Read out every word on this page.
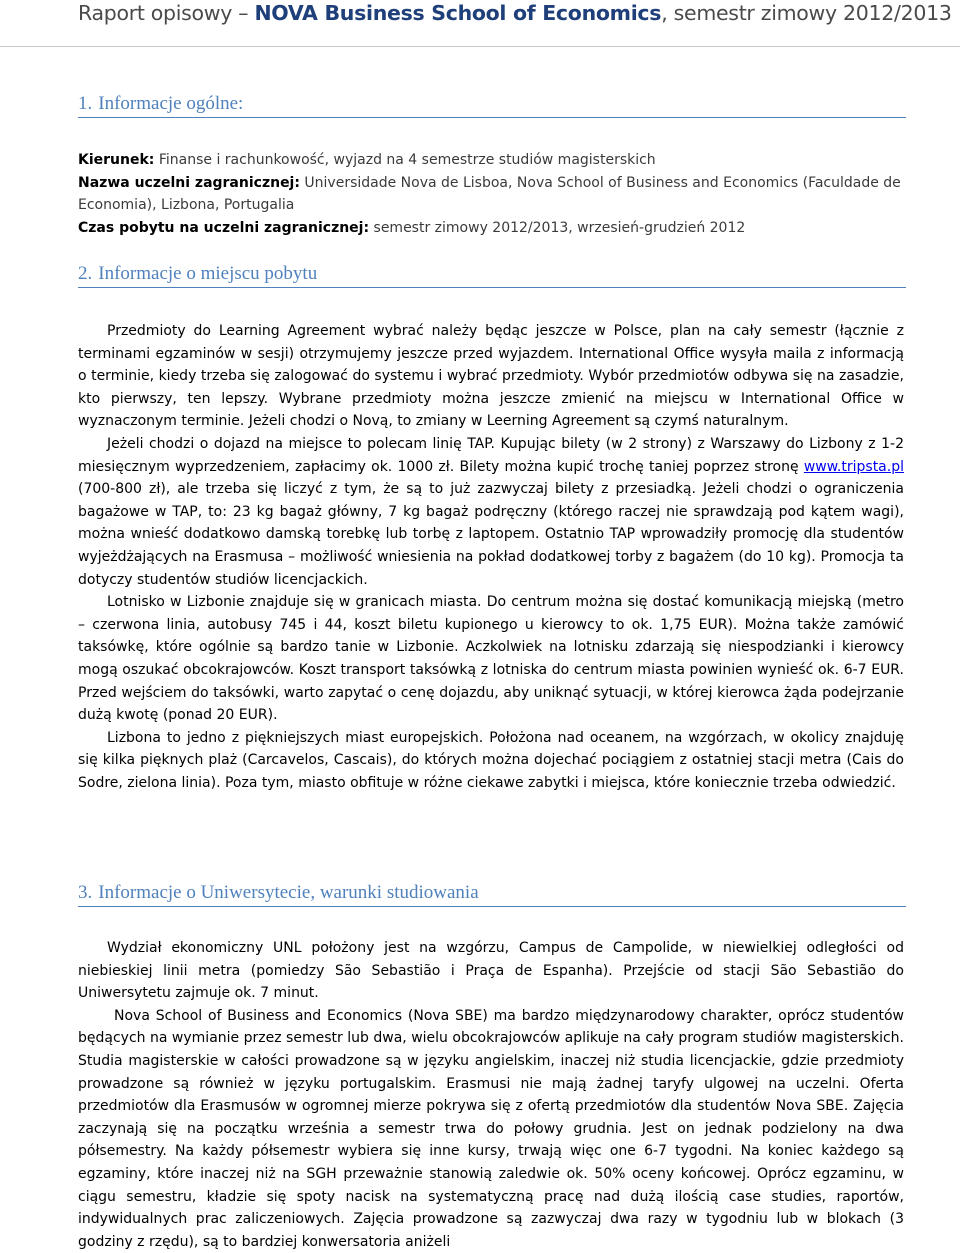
Raport opisowy – NOVA Business School of Economics, semestr zimowy 2012/2013
1. Informacje ogólne:
Kierunek: Finanse i rachunkowość, wyjazd na 4 semestrze studiów magisterskich
Nazwa uczelni zagranicznej: Universidade Nova de Lisboa, Nova School of Business and Economics (Faculdade de Economia), Lizbona, Portugalia
Czas pobytu na uczelni zagranicznej: semestr zimowy 2012/2013, wrzesień-grudzień 2012
2. Informacje o miejscu pobytu

Przedmioty do Learning Agreement wybrać należy będąc jeszcze w Polsce, plan na cały semestr (łącznie z terminami egzaminów w sesji) otrzymujemy jeszcze przed wyjazdem. International Office wysyła maila z informacją o terminie, kiedy trzeba się zalogować do systemu i wybrać przedmioty. Wybór przedmiotów odbywa się na zasadzie, kto pierwszy, ten lepszy. Wybrane przedmioty można jeszcze zmienić na miejscu w International Office w wyznaczonym terminie. Jeżeli chodzi o Novą, to zmiany w Leerning Agreement są czymś naturalnym.

Jeżeli chodzi o dojazd na miejsce to polecam linię TAP. Kupując bilety (w 2 strony) z Warszawy do Lizbony z 1-2 miesięcznym wyprzedzeniem, zapłacimy ok. 1000 zł. Bilety można kupić trochę taniej poprzez stronę www.tripsta.pl (700-800 zł), ale trzeba się liczyć z tym, że są to już zazwyczaj bilety z przesiadką. Jeżeli chodzi o ograniczenia bagażowe w TAP, to: 23 kg bagaż główny, 7 kg bagaż podręczny (którego raczej nie sprawdzają pod kątem wagi), można wnieść dodatkowo damską torebkę lub torbę z laptopem. Ostatnio TAP wprowadziły promocję dla studentów wyjeżdżających na Erasmusa – możliwość wniesienia na pokład dodatkowej torby z bagażem (do 10 kg). Promocja ta dotyczy studentów studiów licencjackich.

Lotnisko w Lizbonie znajduje się w granicach miasta. Do centrum można się dostać komunikacją miejską (metro – czerwona linia, autobusy 745 i 44, koszt biletu kupionego u kierowcy to ok. 1,75 EUR). Można także zamówić taksówkę, które ogólnie są bardzo tanie w Lizbonie. Aczkolwiek na lotnisku zdarzają się niespodzianki i kierowcy mogą oszukać obcokrajowców. Koszt transport taksówką z lotniska do centrum miasta powinien wynieść ok. 6-7 EUR. Przed wejściem do taksówki, warto zapytać o cenę dojazdu, aby uniknąć sytuacji, w której kierowca żąda podejrzanie dużą kwotę (ponad 20 EUR).

Lizbona to jedno z piękniejszych miast europejskich. Położona nad oceanem, na wzgórzach, w okolicy znajduję się kilka pięknych plaż (Carcavelos, Cascais), do których można dojechać pociągiem z ostatniej stacji metra (Cais do Sodre, zielona linia). Poza tym, miasto obfituje w różne ciekawe zabytki i miejsca, które koniecznie trzeba odwiedzić.

3. Informacje o Uniwersytecie, warunki studiowania

Wydział ekonomiczny UNL położony jest na wzgórzu, Campus de Campolide, w niewielkiej odległości od niebieskiej linii metra (pomiedzy São Sebastião i Praça de Espanha). Przejście od stacji São Sebastião do Uniwersytetu zajmuje ok. 7 minut.

Nova School of Business and Economics (Nova SBE) ma bardzo międzynarodowy charakter, oprócz studentów będących na wymianie przez semestr lub dwa, wielu obcokrajowców aplikuje na cały program studiów magisterskich. Studia magisterskie w całości prowadzone są w języku angielskim, inaczej niż studia licencjackie, gdzie przedmioty prowadzone są również w języku portugalskim. Erasmusi nie mają żadnej taryfy ulgowej na uczelni. Oferta przedmiotów dla Erasmusów w ogromnej mierze pokrywa się z ofertą przedmiotów dla studentów Nova SBE. Zajęcia zaczynają się na początku września a semestr trwa do połowy grudnia. Jest on jednak podzielony na dwa półsemestry. Na każdy półsemestr wybiera się inne kursy, trwają więc one 6-7 tygodni. Na koniec każdego są egzaminy, które inaczej niż na SGH przeważnie stanowią zaledwie ok. 50% oceny końcowej. Oprócz egzaminu, w ciągu semestru, kładzie się spoty nacisk na systematyczną pracę nad dużą ilością case studies, raportów, indywidualnych prac zaliczeniowych. Zajęcia prowadzone są zazwyczaj dwa razy w tygodniu lub w blokach (3 godziny z rzędu), są to bardziej konwersatoria aniżeli
